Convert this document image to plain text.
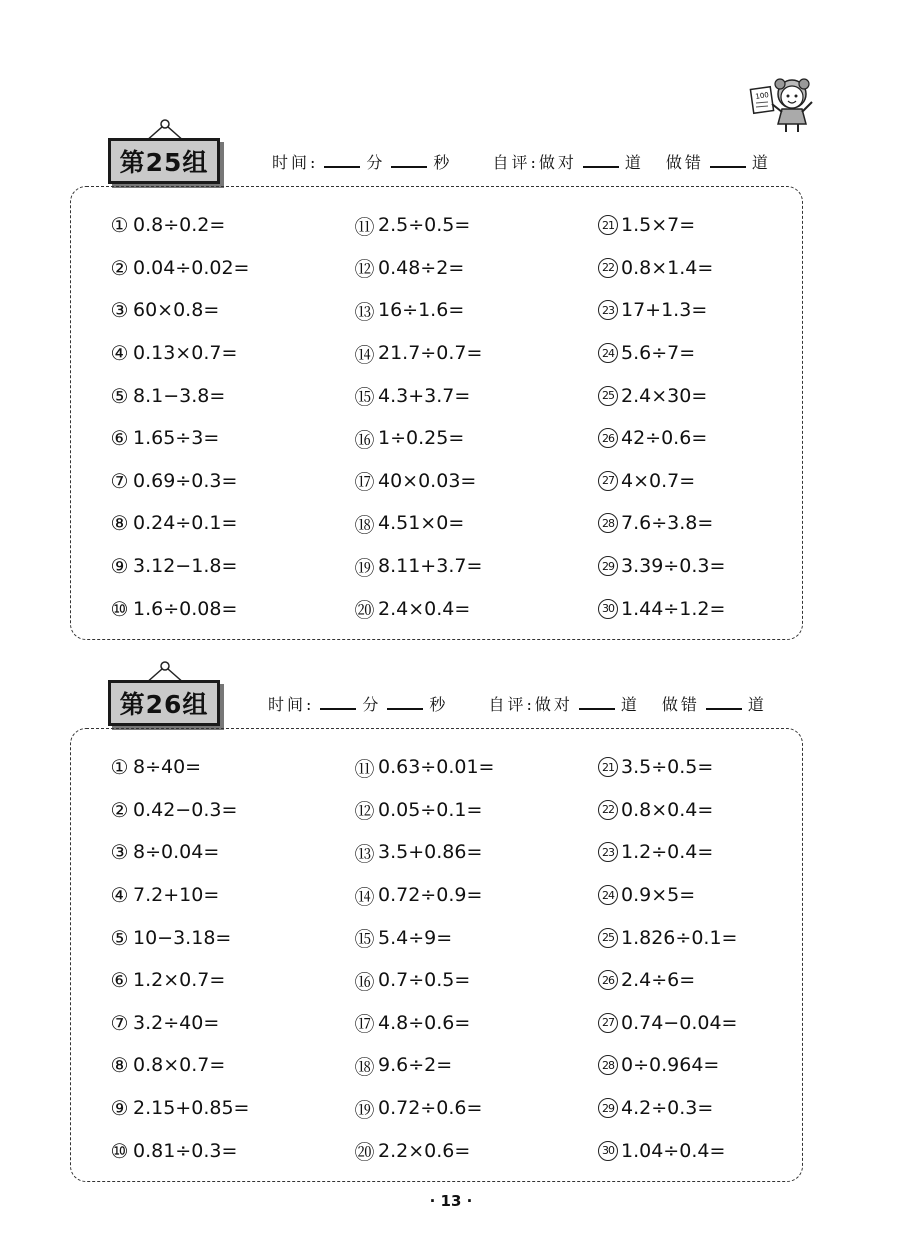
100
第25组	时间:	分	秒	自评:做对	道 做错	道
① 0.8÷0.2=
② 0.04÷0.02=
③ 60×0.8=
④ 0.13×0.7=
⑤ 8.1−3.8=
⑥ 1.65÷3=
⑦ 0.69÷0.3=
⑧ 0.24÷0.1=
⑨ 3.12−1.8=
⑩ 1.6÷0.08=
⑪ 2.5÷0.5=
⑫ 0.48÷2=
⑬ 16÷1.6=
⑭ 21.7÷0.7=
⑮ 4.3+3.7=
⑯ 1÷0.25=
⑰ 40×0.03=
⑱ 4.51×0=
⑲ 8.11+3.7=
⑳ 2.4×0.4=
21 1.5×7=
22 0.8×1.4=
23 17+1.3=
24 5.6÷7=
25 2.4×30=
26 42÷0.6=
27 4×0.7=
28 7.6÷3.8=
29 3.39÷0.3=
30 1.44÷1.2=
第26组	时间:	分	秒	自评:做对	道 做错	道
① 8÷40=
② 0.42−0.3=
③ 8÷0.04=
④ 7.2+10=
⑤ 10−3.18=
⑥ 1.2×0.7=
⑦ 3.2÷40=
⑧ 0.8×0.7=
⑨ 2.15+0.85=
⑩ 0.81÷0.3=
⑪ 0.63÷0.01=
⑫ 0.05÷0.1=
⑬ 3.5+0.86=
⑭ 0.72÷0.9=
⑮ 5.4÷9=
⑯ 0.7÷0.5=
⑰ 4.8÷0.6=
⑱ 9.6÷2=
⑲ 0.72÷0.6=
⑳ 2.2×0.6=
21 3.5÷0.5=
22 0.8×0.4=
23 1.2÷0.4=
24 0.9×5=
25 1.826÷0.1=
26 2.4÷6=
27 0.74−0.04=
28 0÷0.964=
29 4.2÷0.3=
30 1.04÷0.4=
· 13 ·
